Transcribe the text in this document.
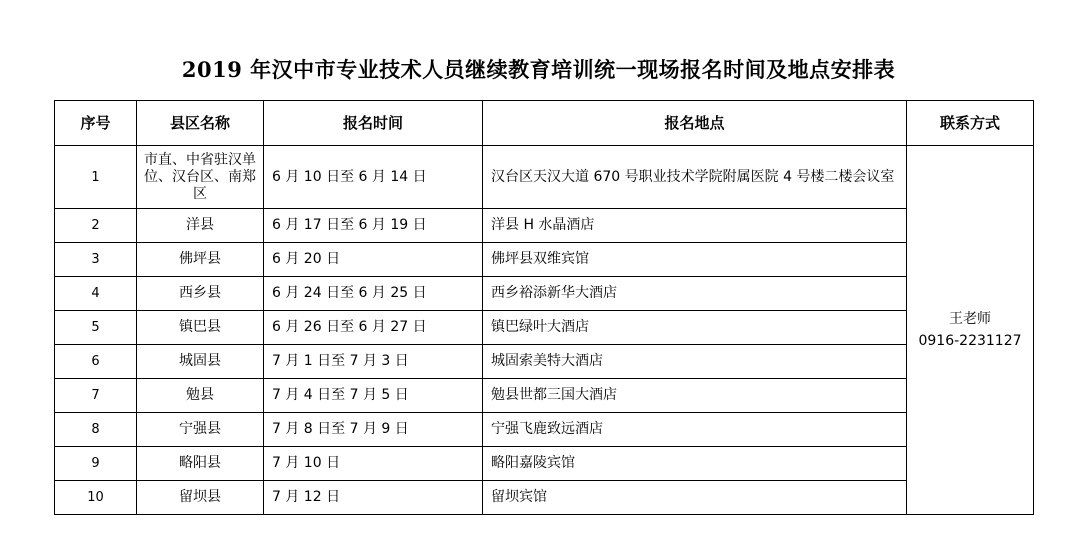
2019 年汉中市专业技术人员继续教育培训统一现场报名时间及地点安排表
序号	县区名称	报名时间	报名地点	联系方式
1	市直、中省驻汉单位、汉台区、南郑区	6 月 10 日至 6 月 14 日	汉台区天汉大道 670 号职业技术学院附属医院 4 号楼二楼会议室	王老师
0916-2231127

2	洋县	6 月 17 日至 6 月 19 日	洋县 H 水晶酒店	
3	佛坪县	6 月 20 日	佛坪县双维宾馆	
4	西乡县	6 月 24 日至 6 月 25 日	西乡裕添新华大酒店	
5	镇巴县	6 月 26 日至 6 月 27 日	镇巴绿叶大酒店	
6	城固县	7 月 1 日至 7 月 3 日	城固索美特大酒店	
7	勉县	7 月 4 日至 7 月 5 日	勉县世都三国大酒店	
8	宁强县	7 月 8 日至 7 月 9 日	宁强飞鹿致远酒店	
9	略阳县	7 月 10 日	略阳嘉陵宾馆	
10	留坝县	7 月 12 日	留坝宾馆	
